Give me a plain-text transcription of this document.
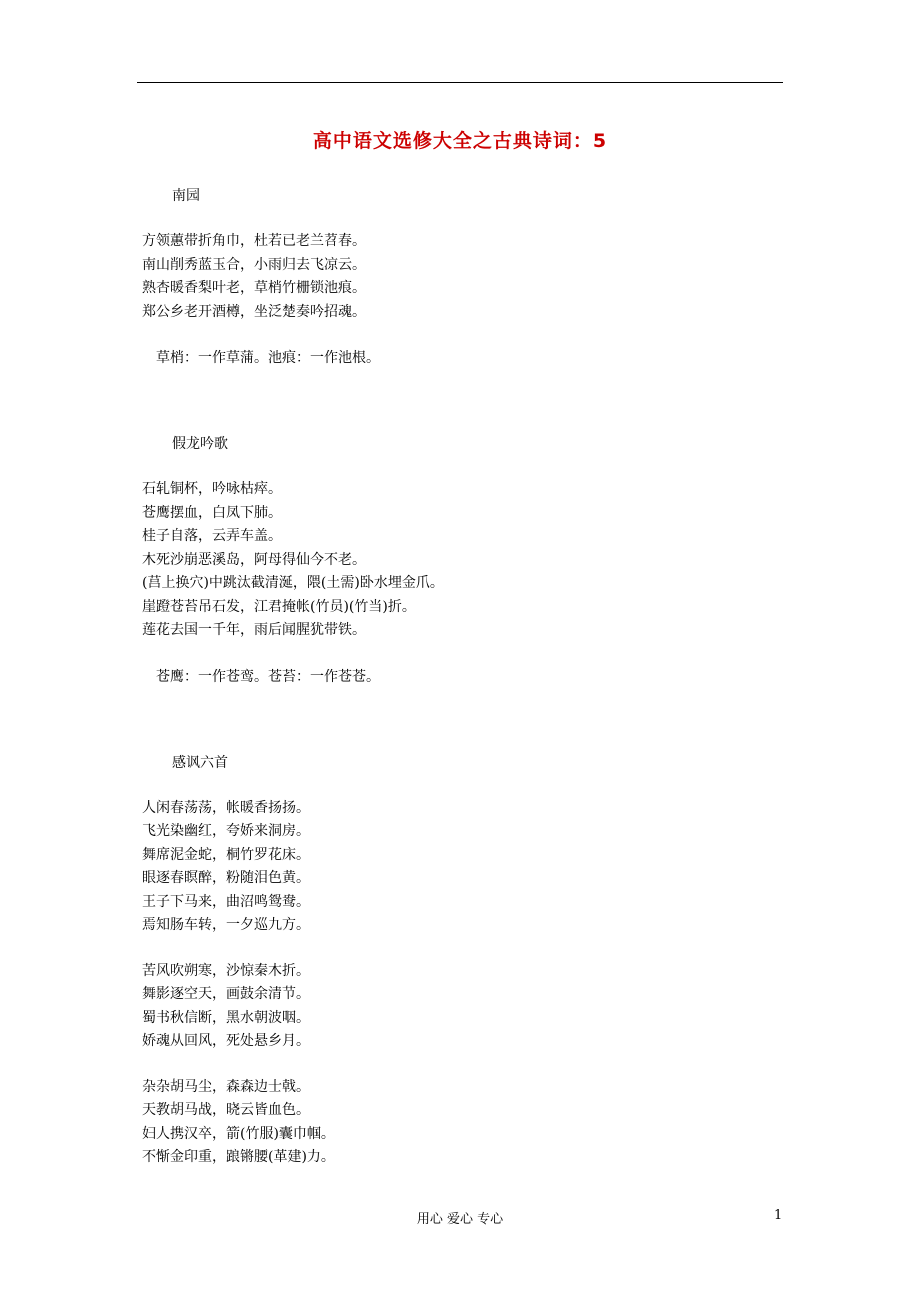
高中语文选修大全之古典诗词：5
南园
方领蕙带折角巾，杜若已老兰苕春。
南山削秀蓝玉合，小雨归去飞凉云。
熟杏暖香梨叶老，草梢竹栅锁池痕。
郑公乡老开酒樽，坐泛楚奏吟招魂。
草梢：一作草蒲。池痕：一作池根。
假龙吟歌
石轧铜杯，吟咏枯瘁。
苍鹰摆血，白凤下肺。
桂子自落，云弄车盖。
木死沙崩恶溪岛，阿母得仙今不老。
(莒上换穴)中跳汰截清涎，隈(土需)卧水埋金爪。
崖蹬苍苔吊石发，江君掩帐(竹员)(竹当)折。
莲花去国一千年，雨后闻腥犹带铁。
苍鹰：一作苍鸾。苍苔：一作苍苍。
感讽六首
人闲春荡荡，帐暖香扬扬。
飞光染幽红，夸娇来洞房。
舞席泥金蛇，桐竹罗花床。
眼逐春瞑醉，粉随泪色黄。
王子下马来，曲沼鸣鸳鸯。
焉知肠车转，一夕巡九方。
苦风吹朔寒，沙惊秦木折。
舞影逐空天，画鼓余清节。
蜀书秋信断，黑水朝波咽。
娇魂从回风，死处悬乡月。
杂杂胡马尘，森森边士戟。
天教胡马战，晓云皆血色。
妇人携汉卒，箭(竹服)囊巾帼。
不惭金印重，踉锵腰(革建)力。
用心 爱心 专心	1
